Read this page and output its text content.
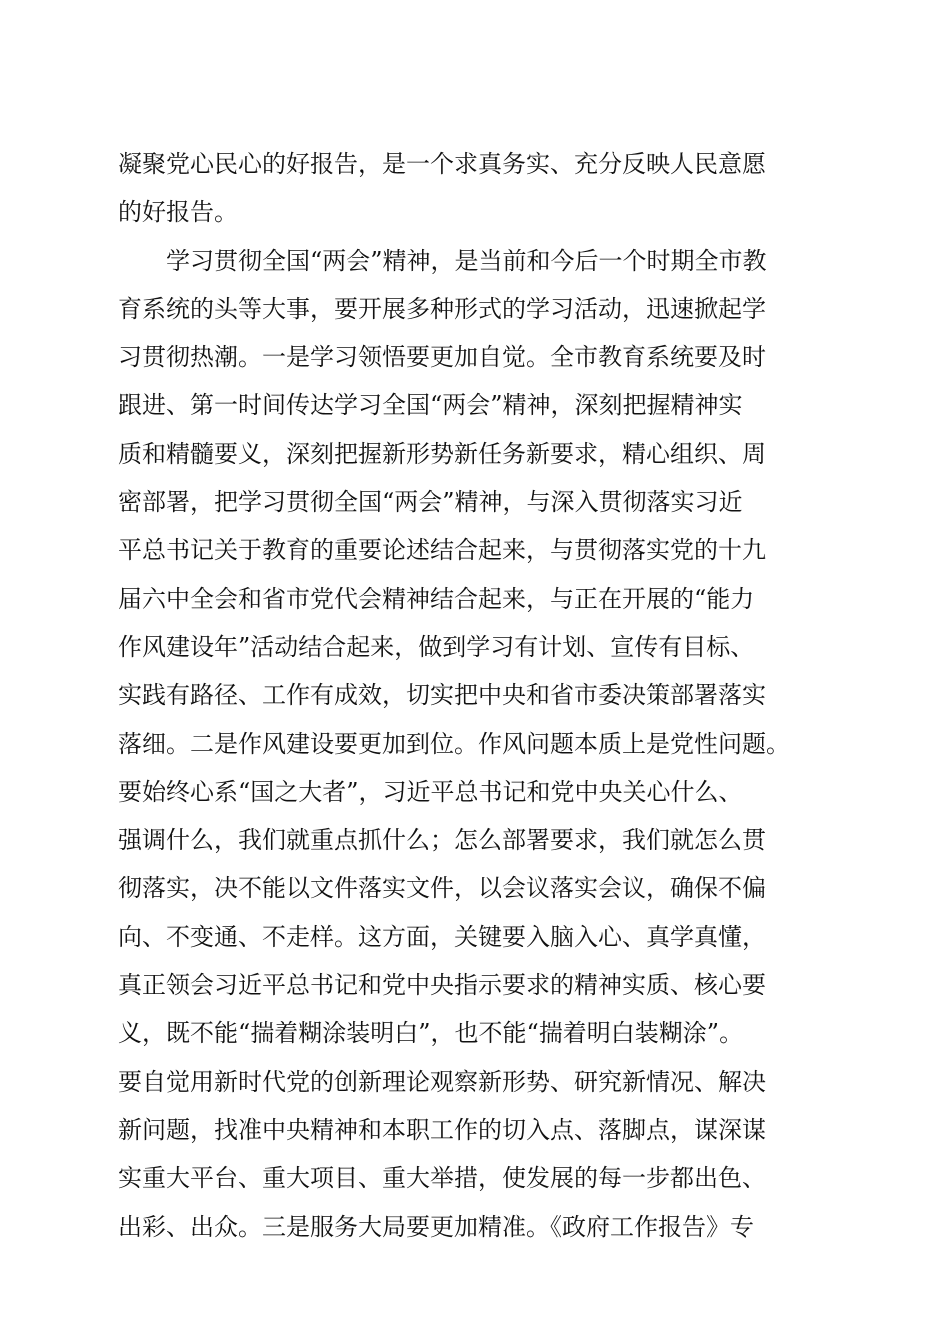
凝聚党心民心的好报告，是一个求真务实、充分反映人民意愿
的好报告。
　　学习贯彻全国“两会”精神，是当前和今后一个时期全市教
育系统的头等大事，要开展多种形式的学习活动，迅速掀起学
习贯彻热潮。一是学习领悟要更加自觉。全市教育系统要及时
跟进、第一时间传达学习全国“两会”精神，深刻把握精神实
质和精髓要义，深刻把握新形势新任务新要求，精心组织、周
密部署，把学习贯彻全国“两会”精神，与深入贯彻落实习近
平总书记关于教育的重要论述结合起来，与贯彻落实党的十九
届六中全会和省市党代会精神结合起来，与正在开展的“能力
作风建设年”活动结合起来，做到学习有计划、宣传有目标、
实践有路径、工作有成效，切实把中央和省市委决策部署落实
落细。二是作风建设要更加到位。作风问题本质上是党性问题。
要始终心系“国之大者”，习近平总书记和党中央关心什么、
强调什么，我们就重点抓什么；怎么部署要求，我们就怎么贯
彻落实，决不能以文件落实文件，以会议落实会议，确保不偏
向、不变通、不走样。这方面，关键要入脑入心、真学真懂，
真正领会习近平总书记和党中央指示要求的精神实质、核心要
义，既不能“揣着糊涂装明白”，也不能“揣着明白装糊涂”。
要自觉用新时代党的创新理论观察新形势、研究新情况、解决
新问题，找准中央精神和本职工作的切入点、落脚点，谋深谋
实重大平台、重大项目、重大举措，使发展的每一步都出色、
出彩、出众。三是服务大局要更加精准。《政府工作报告》专
